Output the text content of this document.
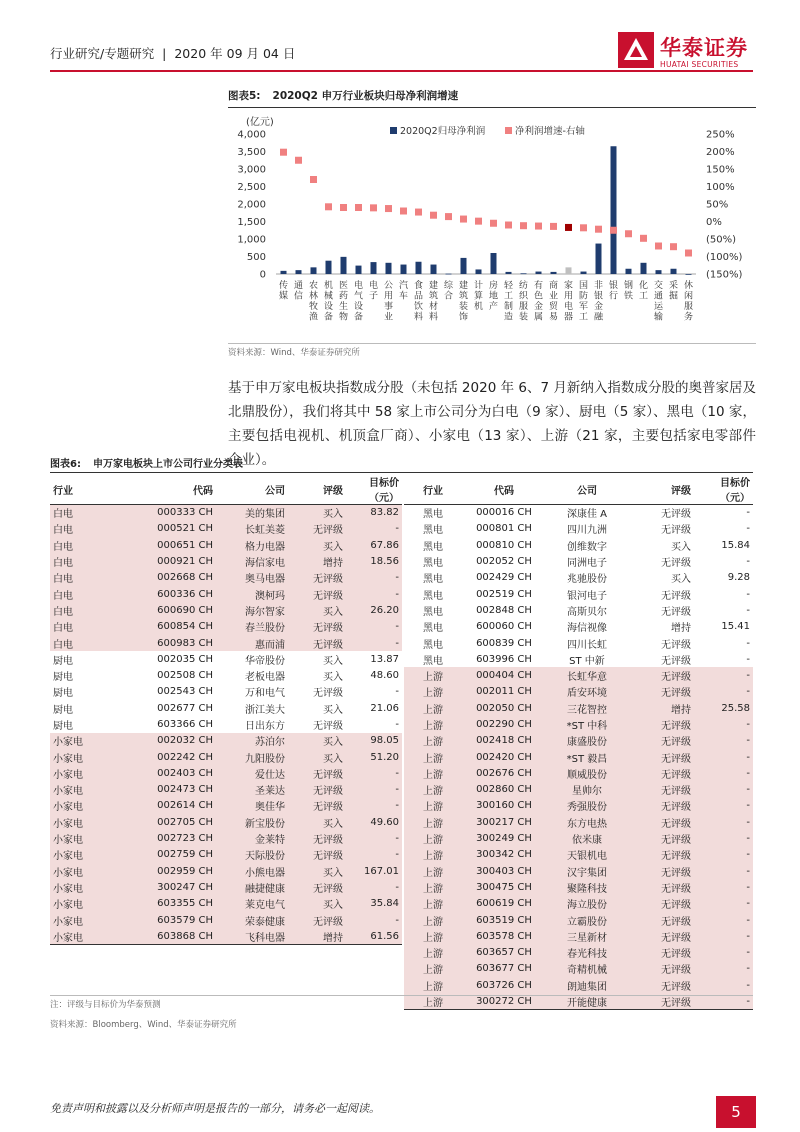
行业研究/专题研究  |  2020 年 09 月 04 日	华泰证券
HUATAI SECURITIES
图表5: 2020Q2 申万行业板块归母净利润增速
(亿元)
2020Q2归母净利润	净利润增速-右轴
4,000
3,500
3,000
2,500
2,000
1,500
1,000
500
0
250%
200%
150%
100%
50%
0%
(50%)
(100%)
(150%)
传媒
通信
农林牧渔
机械设备
医药生物
电气设备
电子
公用事业
汽车
食品饮料
建筑材料
综合
建筑装饰
计算机
房地产
轻工制造
纺织服装
有色金属
商业贸易
家用电器
国防军工
非银金融
银行
钢铁
化工
交通运输
采掘
休闲服务
资料来源：Wind、华泰证券研究所
基于申万家电板块指数成分股（未包括 2020 年 6、7 月新纳入指数成分股的奥普家居及北鼎股份），我们将其中 58 家上市公司分为白电（9 家）、厨电（5 家）、黑电（10 家，主要包括电视机、机顶盒厂商）、小家电（13 家）、上游（21 家，主要包括家电零部件企业）。
图表6: 申万家电板块上市公司行业分类表
行业	代码	公司	评级	目标价（元）
白电	000333 CH	美的集团	买入	83.82
白电	000521 CH	长虹美菱	无评级	-
白电	000651 CH	格力电器	买入	67.86
白电	000921 CH	海信家电	增持	18.56
白电	002668 CH	奥马电器	无评级	-
白电	600336 CH	澳柯玛	无评级	-
白电	600690 CH	海尔智家	买入	26.20
白电	600854 CH	春兰股份	无评级	-
白电	600983 CH	惠而浦	无评级	-
厨电	002035 CH	华帝股份	买入	13.87
厨电	002508 CH	老板电器	买入	48.60
厨电	002543 CH	万和电气	无评级	-
厨电	002677 CH	浙江美大	买入	21.06
厨电	603366 CH	日出东方	无评级	-
小家电	002032 CH	苏泊尔	买入	98.05
小家电	002242 CH	九阳股份	买入	51.20
小家电	002403 CH	爱仕达	无评级	-
小家电	002473 CH	圣莱达	无评级	-
小家电	002614 CH	奥佳华	无评级	-
小家电	002705 CH	新宝股份	买入	49.60
小家电	002723 CH	金莱特	无评级	-
小家电	002759 CH	天际股份	无评级	-
小家电	002959 CH	小熊电器	买入	167.01
小家电	300247 CH	融捷健康	无评级	-
小家电	603355 CH	莱克电气	买入	35.84
小家电	603579 CH	荣泰健康	无评级	-
小家电	603868 CH	飞科电器	增持	61.56
行业	代码	公司	评级	目标价（元）
黑电	000016 CH	深康佳 A	无评级	-
黑电	000801 CH	四川九洲	无评级	-
黑电	000810 CH	创维数字	买入	15.84
黑电	002052 CH	同洲电子	无评级	-
黑电	002429 CH	兆驰股份	买入	9.28
黑电	002519 CH	银河电子	无评级	-
黑电	002848 CH	高斯贝尔	无评级	-
黑电	600060 CH	海信视像	增持	15.41
黑电	600839 CH	四川长虹	无评级	-
黑电	603996 CH	ST 中新	无评级	-
上游	000404 CH	长虹华意	无评级	-
上游	002011 CH	盾安环境	无评级	-
上游	002050 CH	三花智控	增持	25.58
上游	002290 CH	*ST 中科	无评级	-
上游	002418 CH	康盛股份	无评级	-
上游	002420 CH	*ST 毅昌	无评级	-
上游	002676 CH	顺威股份	无评级	-
上游	002860 CH	星帅尔	无评级	-
上游	300160 CH	秀强股份	无评级	-
上游	300217 CH	东方电热	无评级	-
上游	300249 CH	依米康	无评级	-
上游	300342 CH	天银机电	无评级	-
上游	300403 CH	汉宇集团	无评级	-
上游	300475 CH	聚隆科技	无评级	-
上游	600619 CH	海立股份	无评级	-
上游	603519 CH	立霸股份	无评级	-
上游	603578 CH	三星新材	无评级	-
上游	603657 CH	春光科技	无评级	-
上游	603677 CH	奇精机械	无评级	-
上游	603726 CH	朗迪集团	无评级	-
上游	300272 CH	开能健康	无评级	-
注：评级与目标价为华泰预测
资料来源：Bloomberg、Wind、华泰证券研究所
免责声明和披露以及分析师声明是报告的一部分，请务必一起阅读。	5
